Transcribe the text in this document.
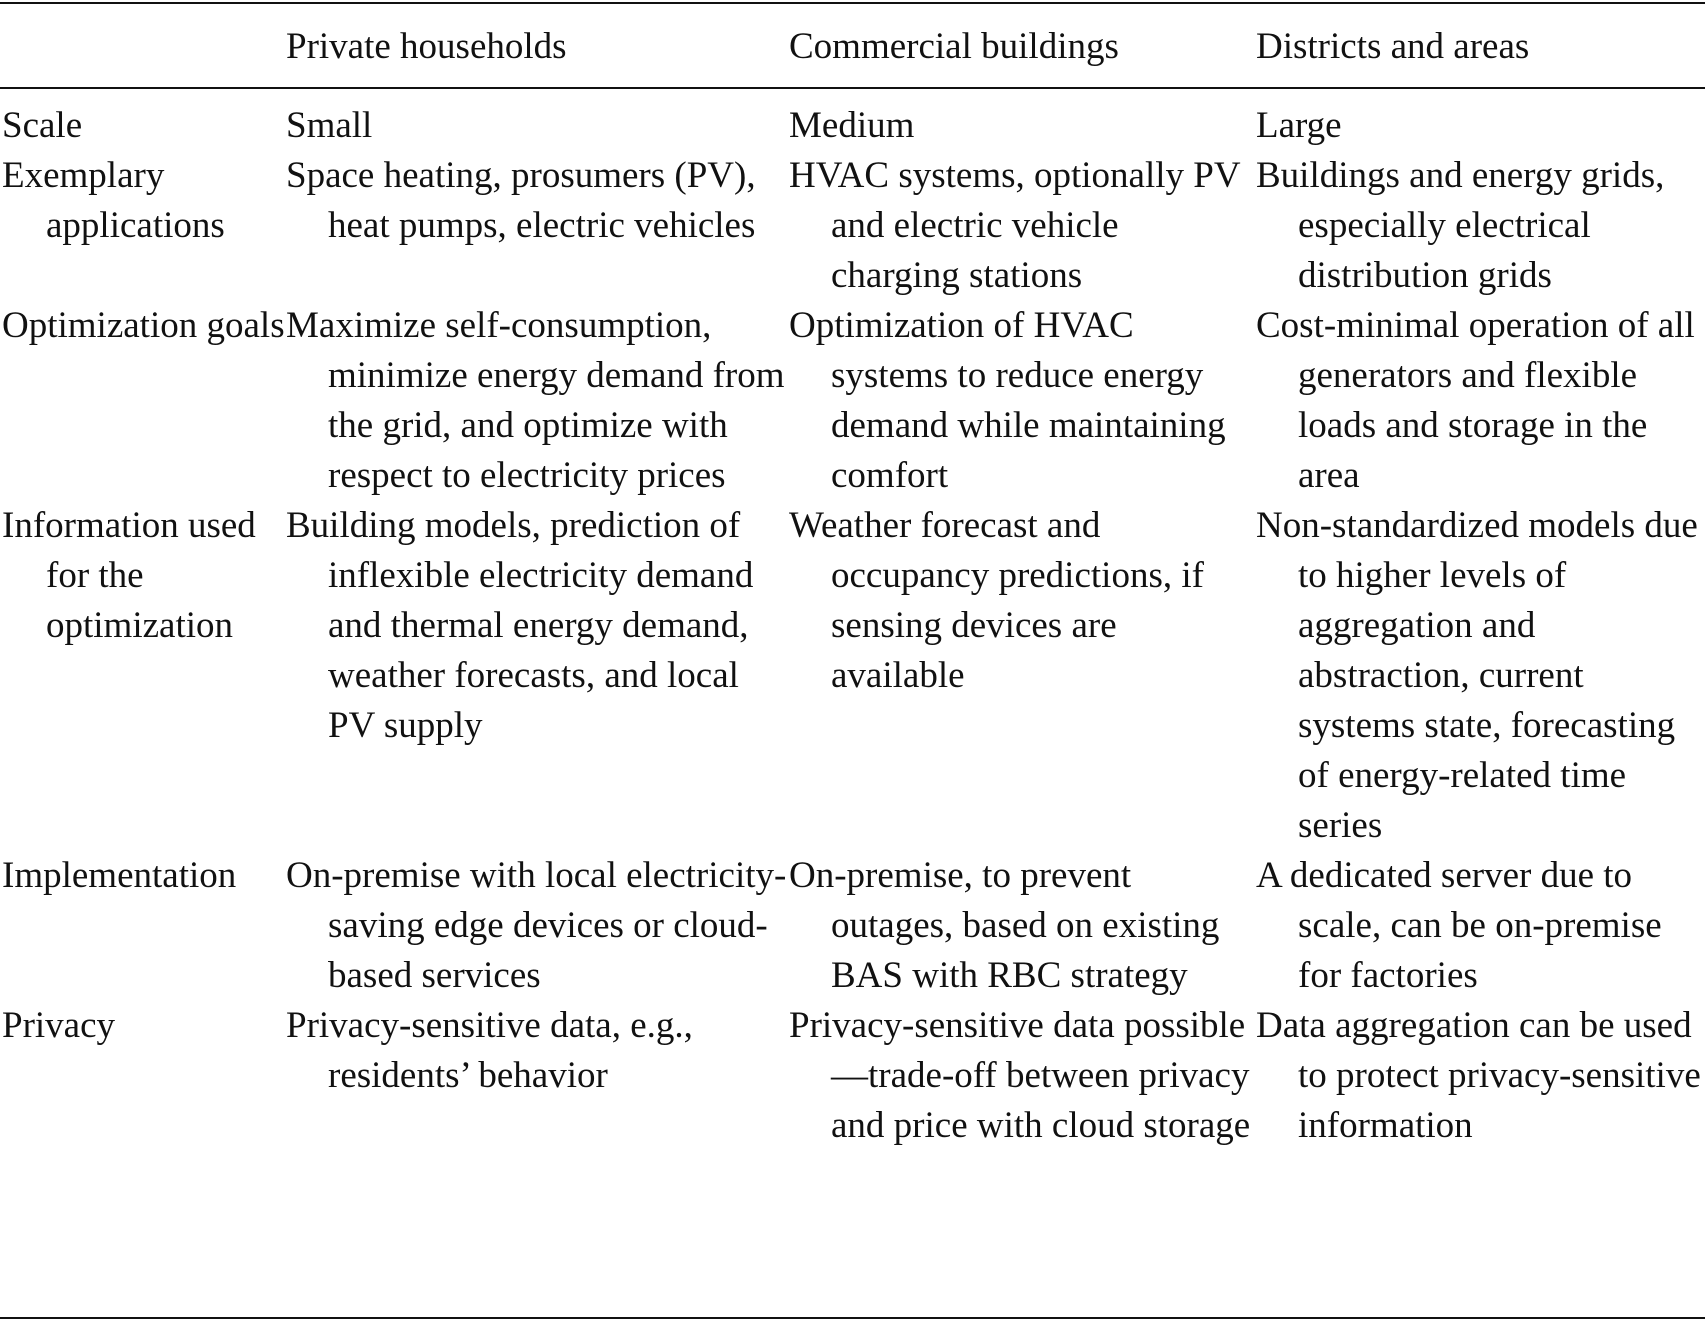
	Private households	Commercial buildings	Districts and areas

Scale	Small	Medium	Large

Exemplary applications	Space heating, prosumers (PV), heat pumps, electric vehicles	HVAC systems, optionally PV and electric vehicle charging stations	Buildings and energy grids, especially electrical distribution grids

Optimization goals	Maximize self-consumption, minimize energy demand from the grid, and optimize with respect to electricity prices	Optimization of HVAC systems to reduce energy demand while maintaining comfort	Cost-minimal operation of all generators and flexible loads and storage in the area

Information used for the optimization	Building models, prediction of inflexible electricity demand and thermal energy demand, weather forecasts, and local PV supply	Weather forecast and occupancy predictions, if sensing devices are available	Non-standardized models due to higher levels of aggregation and abstraction, current systems state, forecasting of energy-related time series

Implementation	On-premise with local electricity-saving edge devices or cloud-based services	On-premise, to prevent outages, based on existing BAS with RBC strategy	A dedicated server due to scale, can be on-premise for factories

Privacy	Privacy-sensitive data, e.g., residents’ behavior	Privacy-sensitive data possible—trade-off between privacy and price with cloud storage	Data aggregation can be used to protect privacy-sensitive information
